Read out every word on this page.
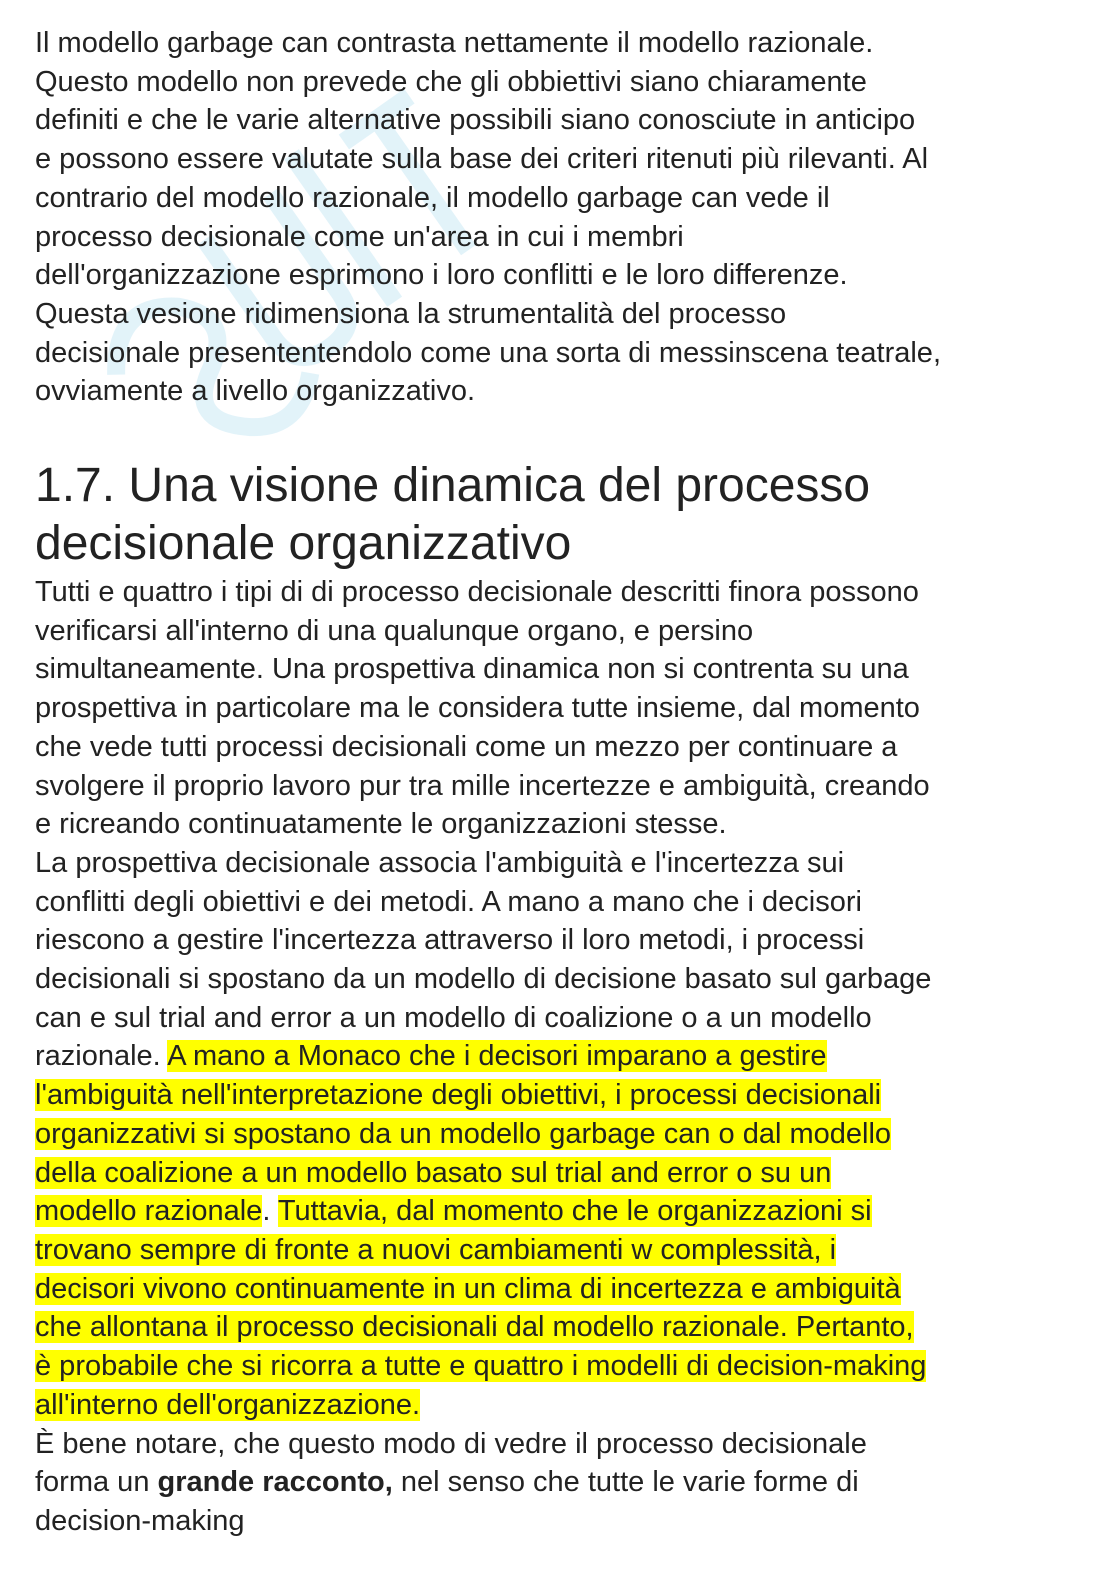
Il modello garbage can contrasta nettamente il modello razionale.
Questo modello non prevede che gli obbiettivi siano chiaramente
definiti e che le varie alternative possibili siano conosciute in anticipo
e possono essere valutate sulla base dei criteri ritenuti più rilevanti. Al
contrario del modello razionale, il modello garbage can vede il
processo decisionale come un'area in cui i membri
dell'organizzazione esprimono i loro conflitti e le loro differenze.
Questa vesione ridimensiona la strumentalità del processo
decisionale presententendolo come una sorta di messinscena teatrale,
ovviamente a livello organizzativo.

1.7. Una visione dinamica del processo
decisionale organizzativo

Tutti e quattro i tipi di di processo decisionale descritti finora possono
verificarsi all'interno di una qualunque organo, e persino
simultaneamente. Una prospettiva dinamica non si contrenta su una
prospettiva in particolare ma le considera tutte insieme, dal momento
che vede tutti processi decisionali come un mezzo per continuare a
svolgere il proprio lavoro pur tra mille incertezze e ambiguità, creando
e ricreando continuatamente le organizzazioni stesse.

La prospettiva decisionale associa l'ambiguità e l'incertezza sui
conflitti degli obiettivi e dei metodi. A mano a mano che i decisori
riescono a gestire l'incertezza attraverso il loro metodi, i processi
decisionali si spostano da un modello di decisione basato sul garbage
can e sul trial and error a un modello di coalizione o a un modello
razionale. A mano a Monaco che i decisori imparano a gestire
l'ambiguità nell'interpretazione degli obiettivi, i processi decisionali
organizzativi si spostano da un modello garbage can o dal modello
della coalizione a un modello basato sul trial and error o su un
modello razionale. Tuttavia, dal momento che le organizzazioni si
trovano sempre di fronte a nuovi cambiamenti w complessità, i
decisori vivono continuamente in un clima di incertezza e ambiguità
che allontana il processo decisionali dal modello razionale. Pertanto,
è probabile che si ricorra a tutte e quattro i modelli di decision-making
all'interno dell'organizzazione.

È bene notare, che questo modo di vedre il processo decisionale
forma un grande racconto, nel senso che tutte le varie forme di
decision-making
